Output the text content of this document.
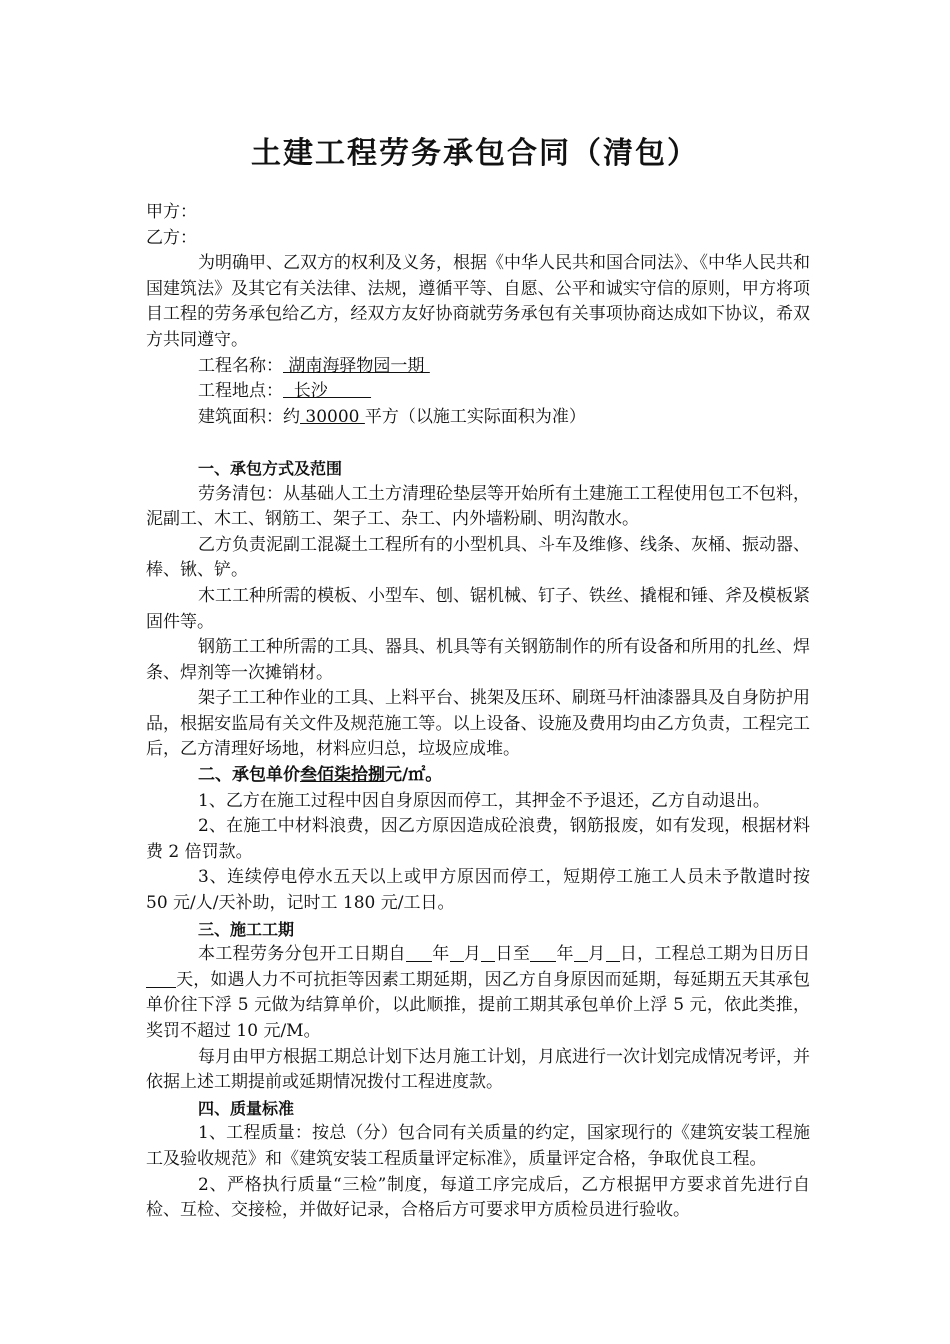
土建工程劳务承包合同（清包）
甲方：
乙方：

为明确甲、乙双方的权利及义务，根据《中华人民共和国合同法》、《中华人民共和国建筑法》及其它有关法律、法规，遵循平等、自愿、公平和诚实守信的原则，甲方将项目工程的劳务承包给乙方，经双方友好协商就劳务承包有关事项协商达成如下协议，希双方共同遵守。

工程名称： 湖南海驿物园一期
工程地点：  长沙
建筑面积：约 30000 平方（以施工实际面积为准）
一、承包方式及范围

劳务清包：从基础人工土方清理砼垫层等开始所有土建施工工程使用包工不包料，泥副工、木工、钢筋工、架子工、杂工、内外墙粉刷、明沟散水。

乙方负责泥副工混凝土工程所有的小型机具、斗车及维修、线条、灰桶、振动器、棒、锹、铲。

木工工种所需的模板、小型车、刨、锯机械、钉子、铁丝、撬棍和锤、斧及模板紧固件等。

钢筋工工种所需的工具、器具、机具等有关钢筋制作的所有设备和所用的扎丝、焊条、焊剂等一次摊销材。

架子工工种作业的工具、上料平台、挑架及压环、刷斑马杆油漆器具及自身防护用品，根据安监局有关文件及规范施工等。以上设备、设施及费用均由乙方负责，工程完工后，乙方清理好场地，材料应归总，垃圾应成堆。

二、承包单价叁佰柒拾捌元/㎡。

1、乙方在施工过程中因自身原因而停工，其押金不予退还，乙方自动退出。

2、在施工中材料浪费，因乙方原因造成砼浪费，钢筋报废，如有发现，根据材料费 2 倍罚款。

3、连续停电停水五天以上或甲方原因而停工，短期停工施工人员未予散遣时按 50 元/人/天补助，记时工 180 元/工日。

三、施工工期

本工程劳务分包开工日期自 年 月 日至 年 月 日，工程总工期为日历日天，如遇人力不可抗拒等因素工期延期，因乙方自身原因而延期，每延期五天其承包单价往下浮 5 元做为结算单价，以此顺推，提前工期其承包单价上浮 5 元，依此类推，奖罚不超过 10 元/M。

每月由甲方根据工期总计划下达月施工计划，月底进行一次计划完成情况考评，并依据上述工期提前或延期情况拨付工程进度款。

四、质量标准

1、工程质量：按总（分）包合同有关质量的约定，国家现行的《建筑安装工程施工及验收规范》和《建筑安装工程质量评定标准》，质量评定合格，争取优良工程。

2、严格执行质量“三检”制度，每道工序完成后，乙方根据甲方要求首先进行自检、互检、交接检，并做好记录，合格后方可要求甲方质检员进行验收。
